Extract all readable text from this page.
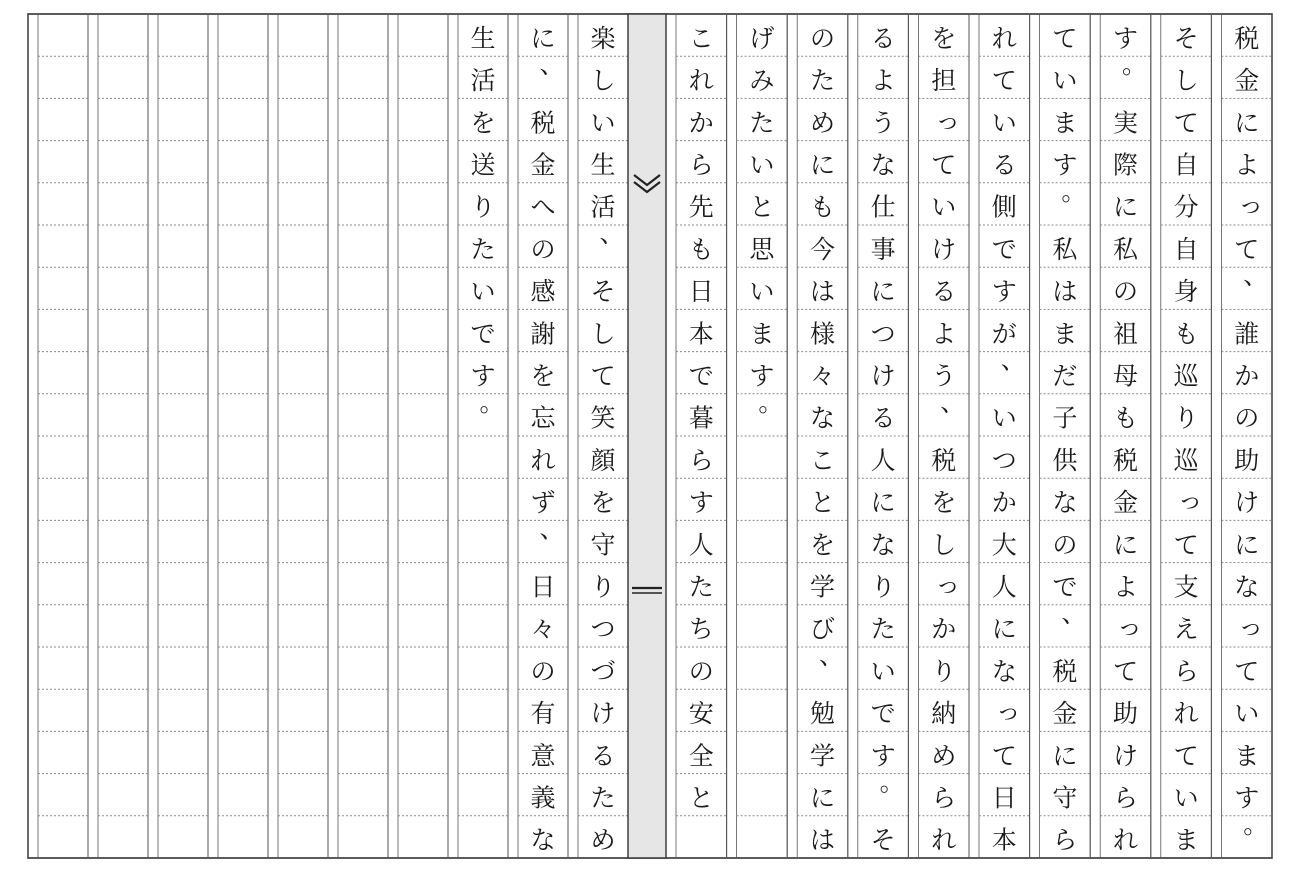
税
金
に
よ
っ
て
、
誰
か
の
助
け
に
な
っ
て
い
ま
す
。
そ
し
て
自
分
自
身
も
巡
り
巡
っ
て
支
え
ら
れ
て
い
ま
す
。
実
際
に
私
の
祖
母
も
税
金
に
よ
っ
て
助
け
ら
れ
て
い
ま
す
。
私
は
ま
だ
子
供
な
の
で
、
税
金
に
守
ら
れ
て
い
る
側
で
す
が
、
い
つ
か
大
人
に
な
っ
て
日
本
を
担
っ
て
い
け
る
よ
う
、
税
を
し
っ
か
り
納
め
ら
れ
る
よ
う
な
仕
事
に
つ
け
る
人
に
な
り
た
い
で
す
。
そ
の
た
め
に
も
今
は
様
々
な
こ
と
を
学
び
、
勉
学
に
は
げ
み
た
い
と
思
い
ま
す
。
こ
れ
か
ら
先
も
日
本
で
暮
ら
す
人
た
ち
の
安
全
と
楽
し
い
生
活
、
そ
し
て
笑
顔
を
守
り
つ
づ
け
る
た
め
に
、
税
金
へ
の
感
謝
を
忘
れ
ず
、
日
々
の
有
意
義
な
生
活
を
送
り
た
い
で
す
。
